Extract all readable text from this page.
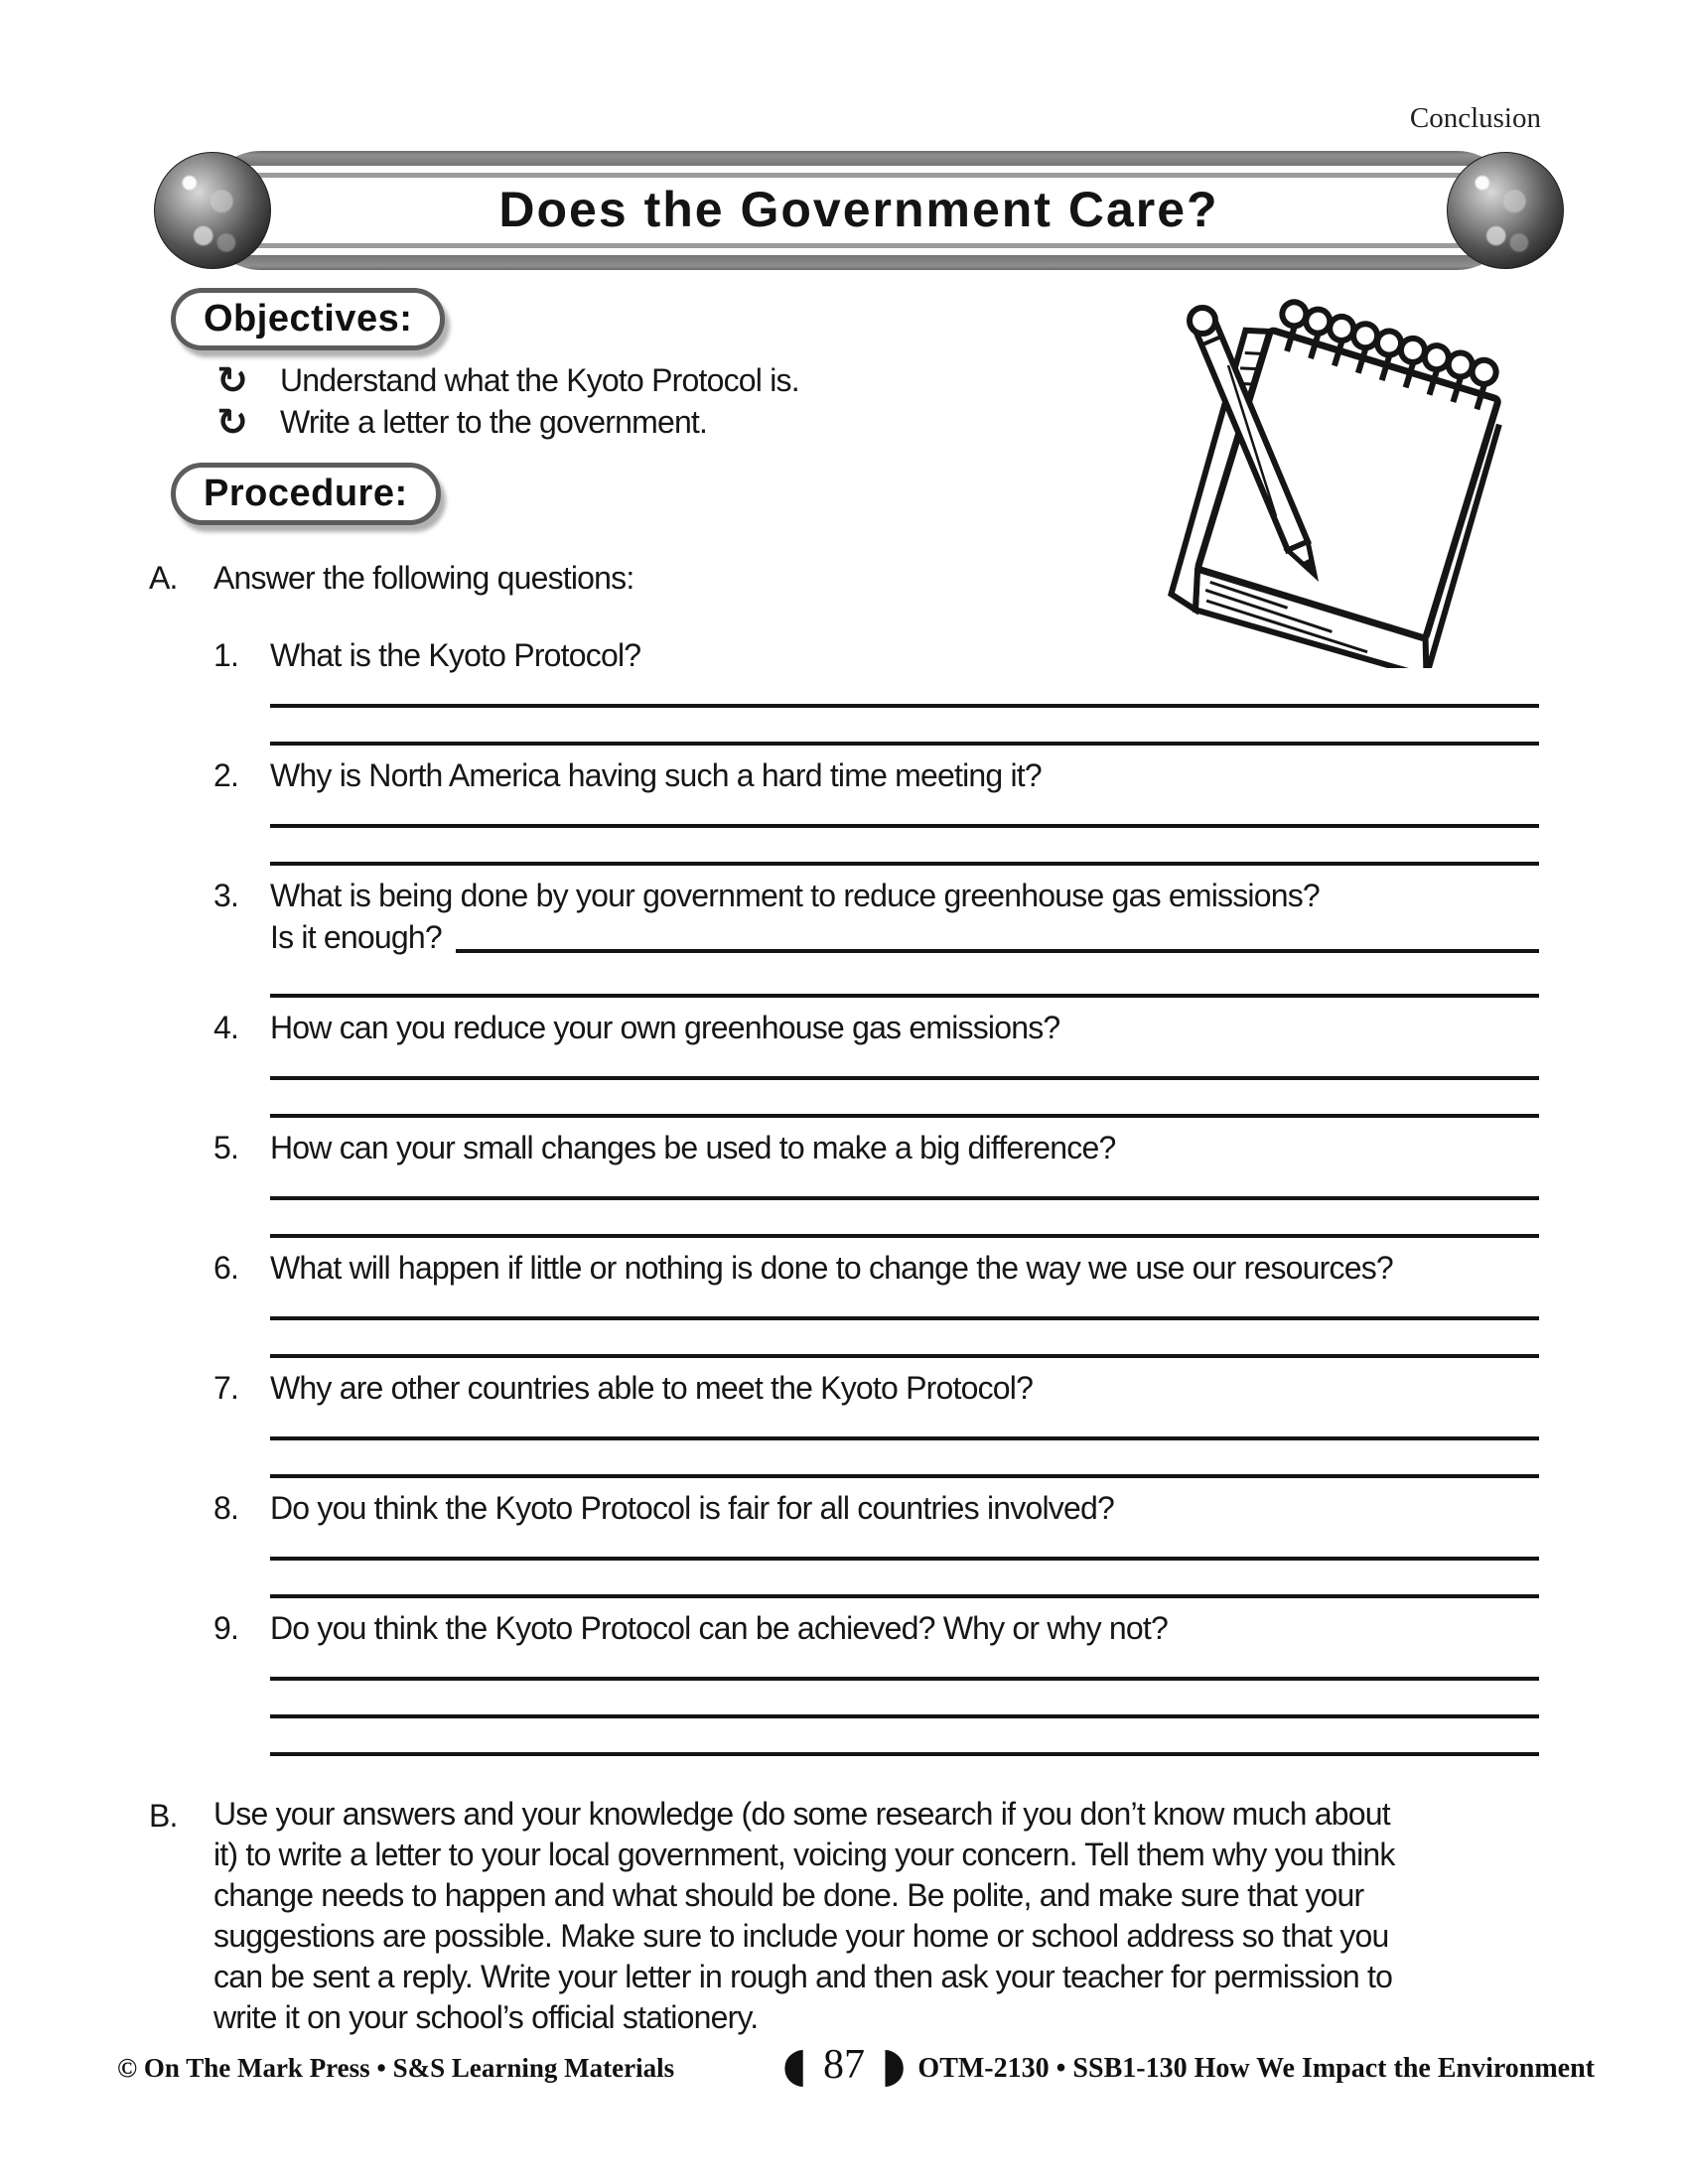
Conclusion
Does the Government Care?
Objectives:
↻	Understand what the Kyoto Protocol is.
↻	Write a letter to the government.
Procedure:
A.	Answer the following questions:
1. What is the Kyoto Protocol?
2. Why is North America having such a hard time meeting it?
3. What is being done by your government to reduce greenhouse gas emissions?
Is it enough?
4. How can you reduce your own greenhouse gas emissions?
5. How can your small changes be used to make a big difference?
6. What will happen if little or nothing is done to change the way we use our resources?
7. Why are other countries able to meet the Kyoto Protocol?
8. Do you think the Kyoto Protocol is fair for all countries involved?
9. Do you think the Kyoto Protocol can be achieved? Why or why not?
B.	Use your answers and your knowledge (do some research if you don’t know much about
it) to write a letter to your local government, voicing your concern. Tell them why you think
change needs to happen and what should be done. Be polite, and make sure that your
suggestions are possible. Make sure to include your home or school address so that you
can be sent a reply. Write your letter in rough and then ask your teacher for permission to
write it on your school’s official stationery.
© On The Mark Press • S&S Learning Materials ◖ 87 ◗ OTM-2130 • SSB1-130 How We Impact the Environment
